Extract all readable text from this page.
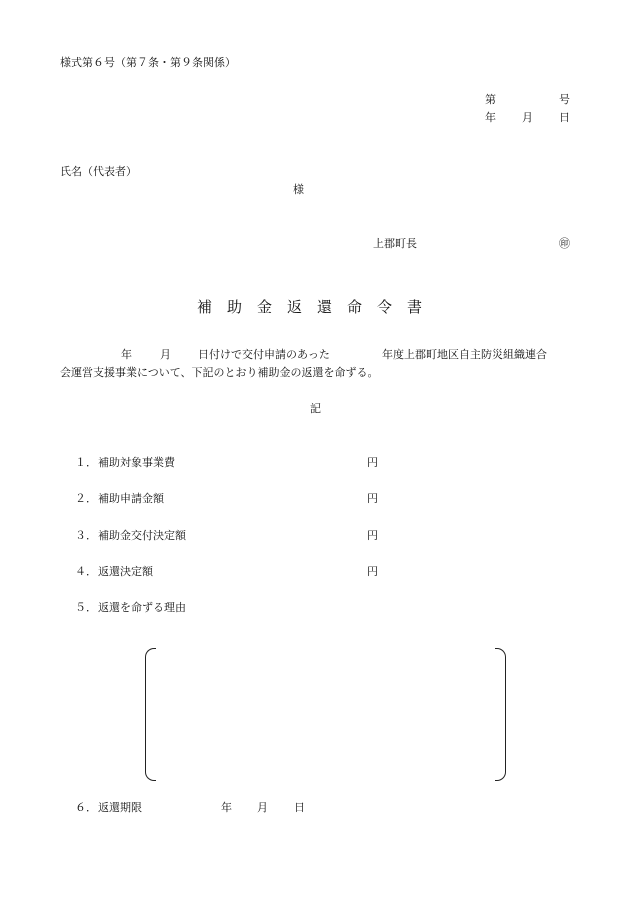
様式第６号（第７条・第９条関係）
第	号
年 月 日
氏名（代表者）
様
上郡町長	㊞
補助金返還命令書
年	月 日付けで交付申請のあった	年度上郡町地区自主防災組織連合
会運営支援事業について、下記のとおり補助金の返還を命ずる。
記
１． 補助対象事業費	円
２． 補助申請金額	円
３． 補助金交付決定額	円
４． 返還決定額	円
５． 返還を命ずる理由
６． 返還期限	年 月 日
